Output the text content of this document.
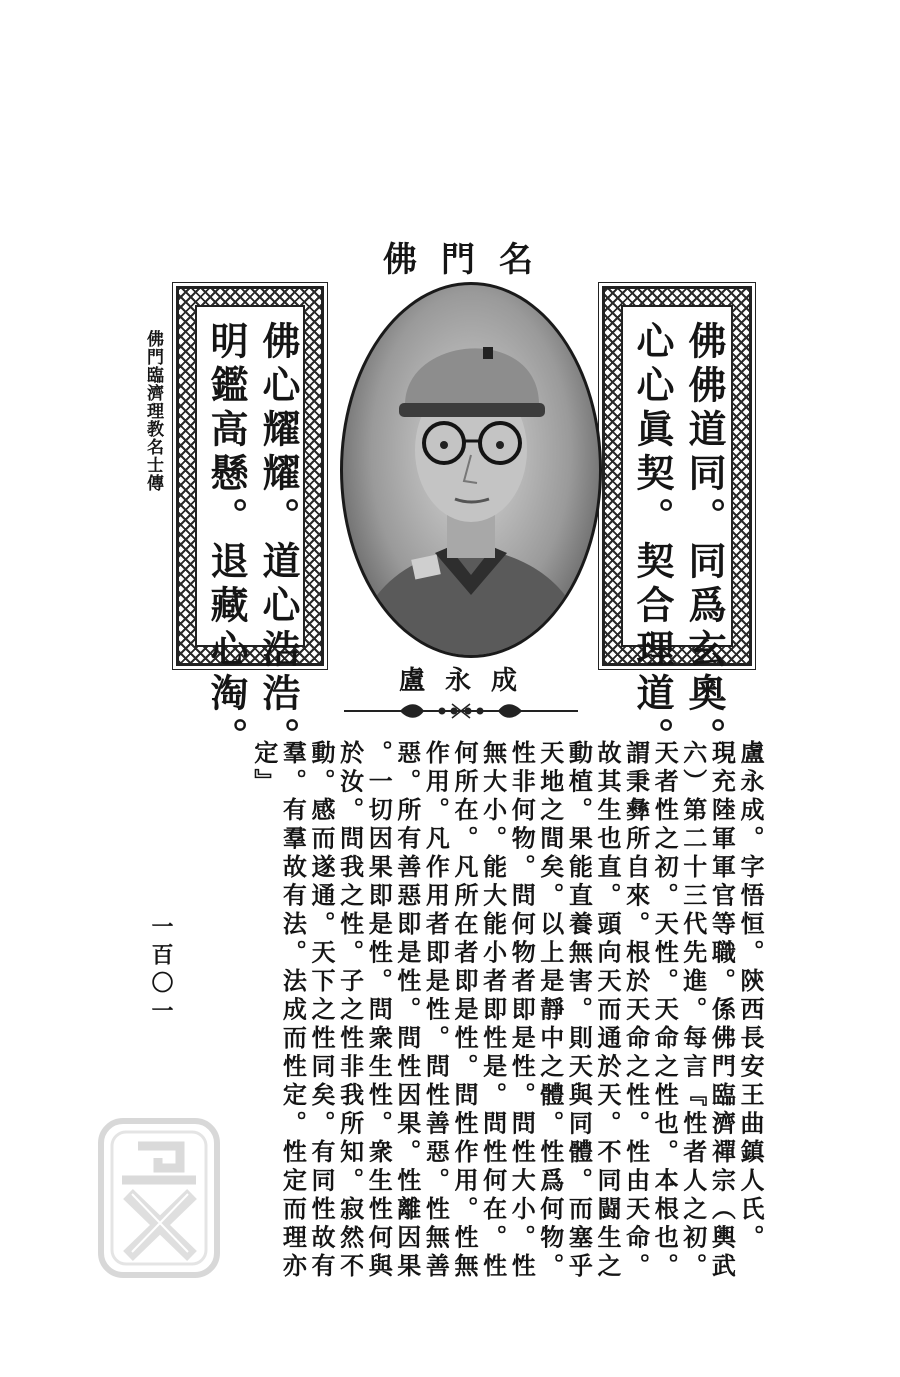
佛門臨濟理教名士傳
佛門名
佛佛道同。同爲玄奧。
心心眞契。契合理道。
佛心耀耀。道心浩浩。
明鑑高懸。退藏心淘。	盧永成
盧永成。字悟恒。陝西長安王曲鎮人氏。
現充陸軍軍官等職。係佛門臨濟禪宗（輿武
六）第二十三代先進。每言『性者人之初。
天者性之初。天性。天命之性也。本根也。
謂秉彝所自來。根於天命之性。性由天命。
故其生也直。頭向天而通於天。不同闘生之
動植。果能直養無害。則天與同體。而塞乎
天地之間矣。以上是靜中之體。性爲何物。
性非何物。問何物者即是性。問性大小。性
無大小。能大能小者即性是。問性何在。性
何所在。凡所在者即是性。問性作用。性無
作用。凡作用者即是性。問性善惡。性無善
惡。所有善惡即是性。問性因果。性離因果
。一切因果即是性。問衆生性。衆生性何與
於汝。問我之性。子之性非我所知。寂然不
動。感而遂通。天下之性同矣。有同性故有
羣。有羣故有法。法成而性定。性定而理亦
定』
一百〇一
